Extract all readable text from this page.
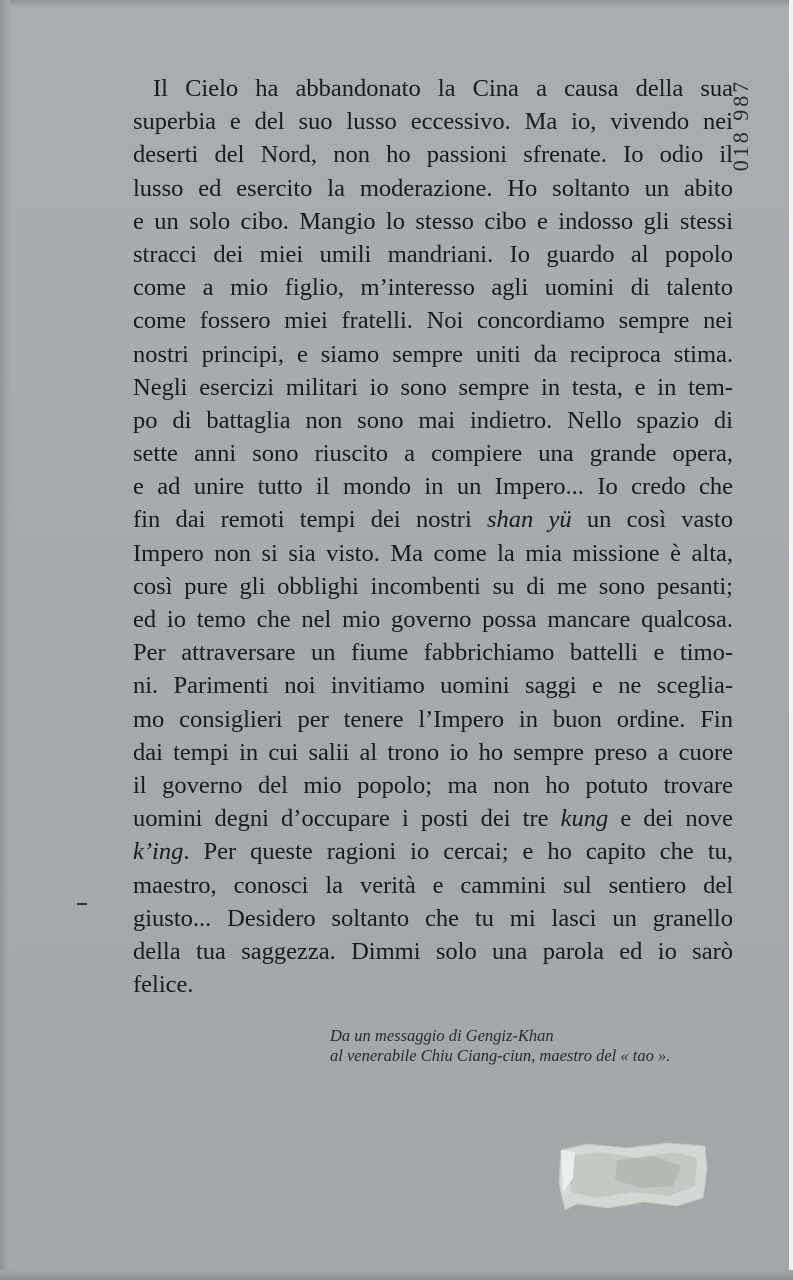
018 987
Il Cielo ha abbandonato la Cina a causa della sua
superbia e del suo lusso eccessivo. Ma io, vivendo nei
deserti del Nord, non ho passioni sfrenate. Io odio il
lusso ed esercito la moderazione. Ho soltanto un abito
e un solo cibo. Mangio lo stesso cibo e indosso gli stessi
stracci dei miei umili mandriani. Io guardo al popolo
come a mio figlio, m’interesso agli uomini di talento
come fossero miei fratelli. Noi concordiamo sempre nei
nostri principi, e siamo sempre uniti da reciproca stima.
Negli esercizi militari io sono sempre in testa, e in tem-
po di battaglia non sono mai indietro. Nello spazio di
sette anni sono riuscito a compiere una grande opera,
e ad unire tutto il mondo in un Impero... Io credo che
fin dai remoti tempi dei nostri shan yü un così vasto
Impero non si sia visto. Ma come la mia missione è alta,
così pure gli obblighi incombenti su di me sono pesanti;
ed io temo che nel mio governo possa mancare qualcosa.
Per attraversare un fiume fabbrichiamo battelli e timo-
ni. Parimenti noi invitiamo uomini saggi e ne sceglia-
mo consiglieri per tenere l’Impero in buon ordine. Fin
dai tempi in cui salii al trono io ho sempre preso a cuore
il governo del mio popolo; ma non ho potuto trovare
uomini degni d’occupare i posti dei tre kung e dei nove
k’ing. Per queste ragioni io cercai; e ho capito che tu,
maestro, conosci la verità e cammini sul sentiero del
giusto... Desidero soltanto che tu mi lasci un granello
della tua saggezza. Dimmi solo una parola ed io sarò
felice.
Da un messaggio di Gengiz-Khan
al venerabile Chiu Ciang-ciun, maestro del « tao ».
